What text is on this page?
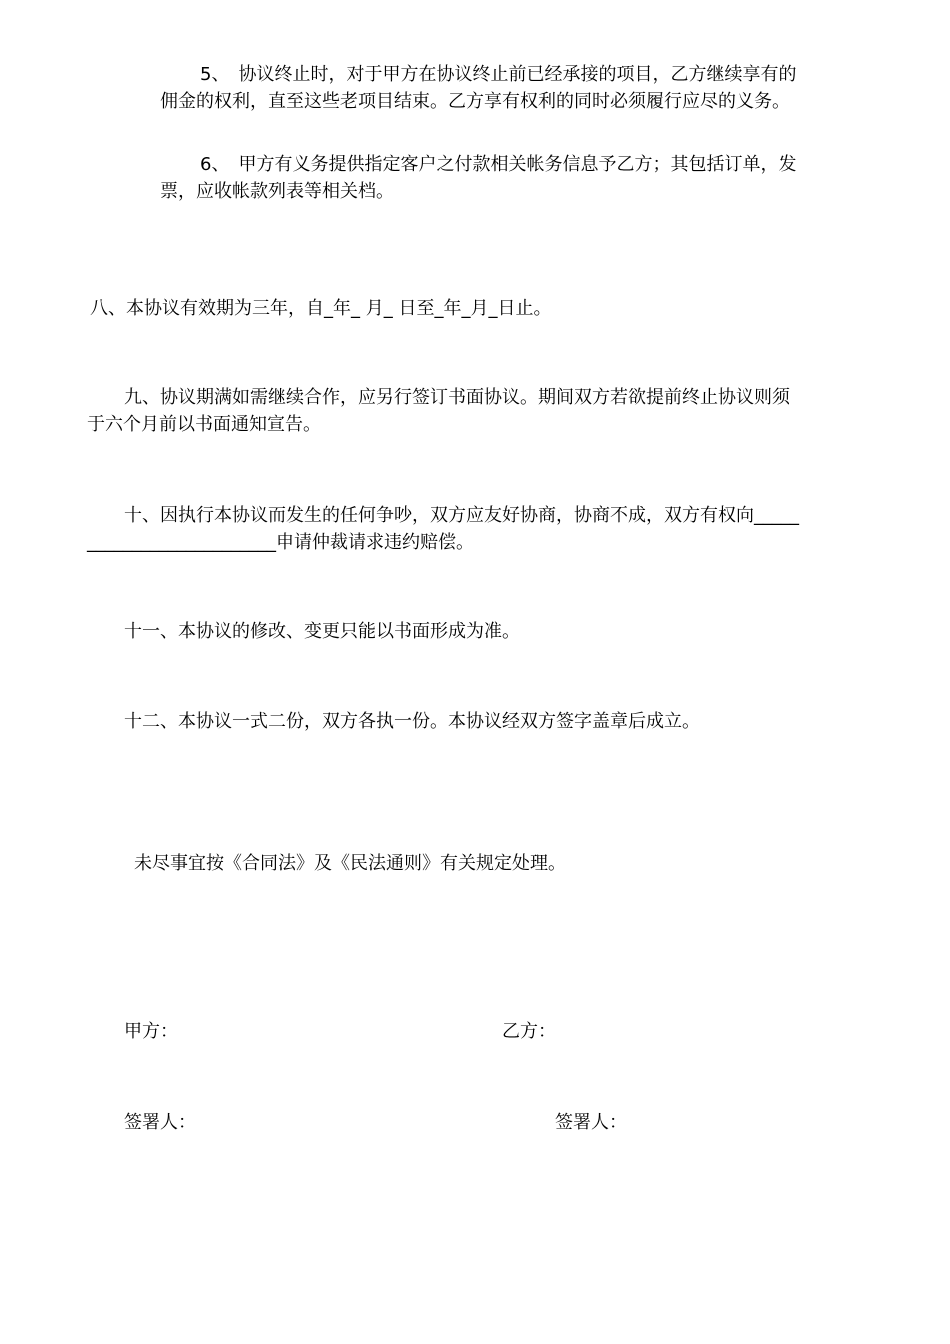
5、　协议终止时，对于甲方在协议终止前已经承接的项目，乙方继续享有的
佣金的权利，直至这些老项目结束。乙方享有权利的同时必须履行应尽的义务。
6、　甲方有义务提供指定客户之付款相关帐务信息予乙方；其包括订单，发
票，应收帐款列表等相关档。
八、本协议有效期为三年，自_年_ 月_ 日至_年_月_日止。
九、协议期满如需继续合作，应另行签订书面协议。期间双方若欲提前终止协议则须
于六个月前以书面通知宣告。
十、因执行本协议而发生的任何争吵，双方应友好协商，协商不成，双方有权向_____
_____________________申请仲裁请求违约赔偿。
十一、本协议的修改、变更只能以书面形成为准。
十二、本协议一式二份，双方各执一份。本协议经双方签字盖章后成立。
未尽事宜按《合同法》及《民法通则》有关规定处理。
甲方：	乙方：
签署人：	签署人：
